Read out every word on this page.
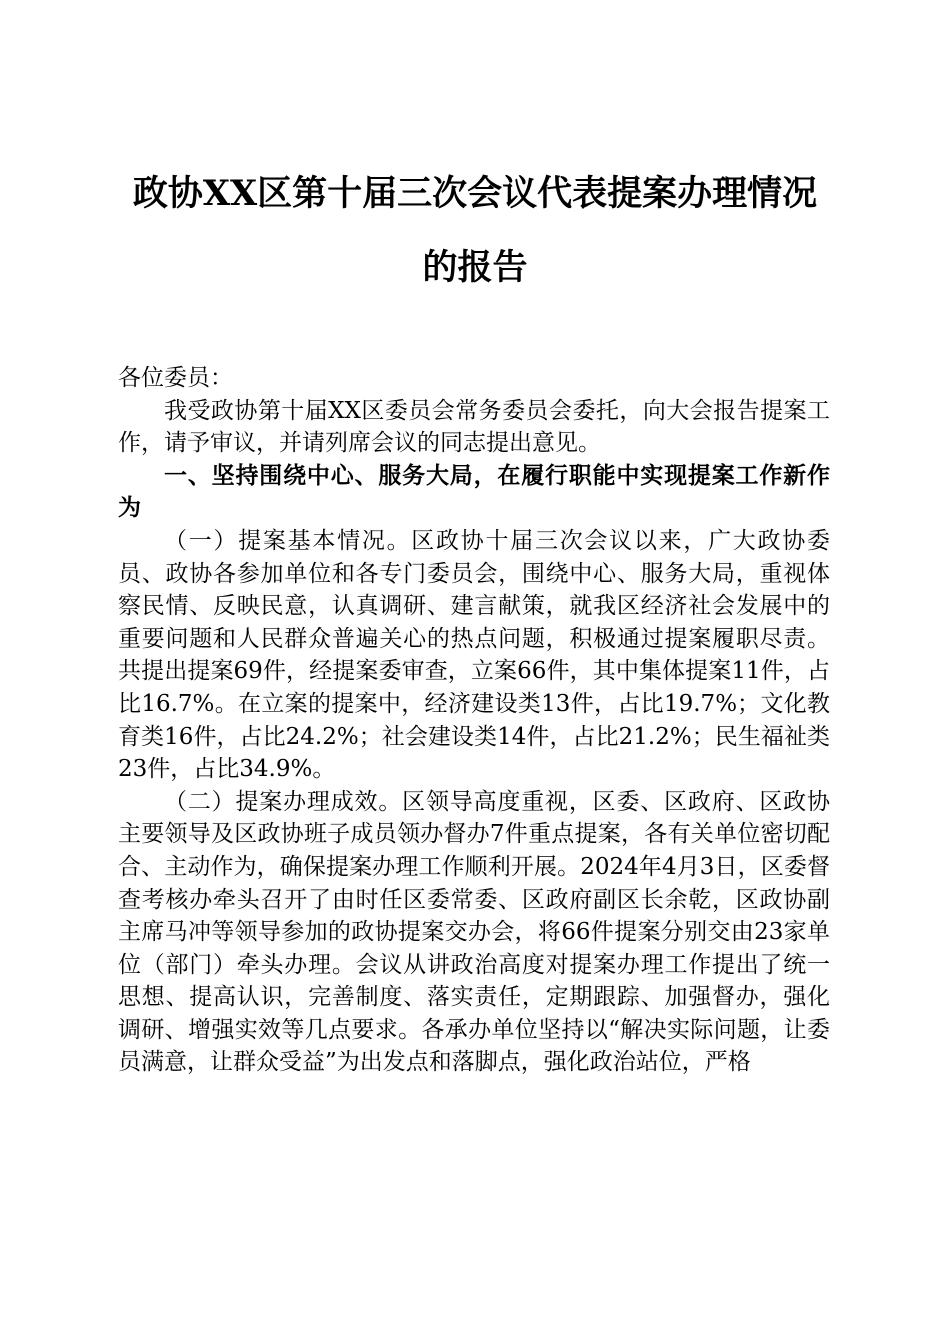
政协XX区第十届三次会议代表提案办理情况
的报告

各位委员：

我受政协第十届XX区委员会常务委员会委托，向大会报告提案工作，请予审议，并请列席会议的同志提出意见。

一、坚持围绕中心、服务大局，在履行职能中实现提案工作新作为

（一）提案基本情况。区政协十届三次会议以来，广大政协委员、政协各参加单位和各专门委员会，围绕中心、服务大局，重视体察民情、反映民意，认真调研、建言献策，就我区经济社会发展中的重要问题和人民群众普遍关心的热点问题，积极通过提案履职尽责。共提出提案69件，经提案委审查，立案66件，其中集体提案11件，占比16.7%。在立案的提案中，经济建设类13件，占比19.7%；文化教育类16件，占比24.2%；社会建设类14件，占比21.2%；民生福祉类23件，占比34.9%。

（二）提案办理成效。区领导高度重视，区委、区政府、区政协主要领导及区政协班子成员领办督办7件重点提案，各有关单位密切配合、主动作为，确保提案办理工作顺利开展。2024年4月3日，区委督查考核办牵头召开了由时任区委常委、区政府副区长余乾，区政协副主席马冲等领导参加的政协提案交办会，将66件提案分别交由23家单位（部门）牵头办理。会议从讲政治高度对提案办理工作提出了统一思想、提高认识，完善制度、落实责任，定期跟踪、加强督办，强化调研、增强实效等几点要求。各承办单位坚持以“解决实际问题，让委员满意，让群众受益”为出发点和落脚点，强化政治站位，严格
